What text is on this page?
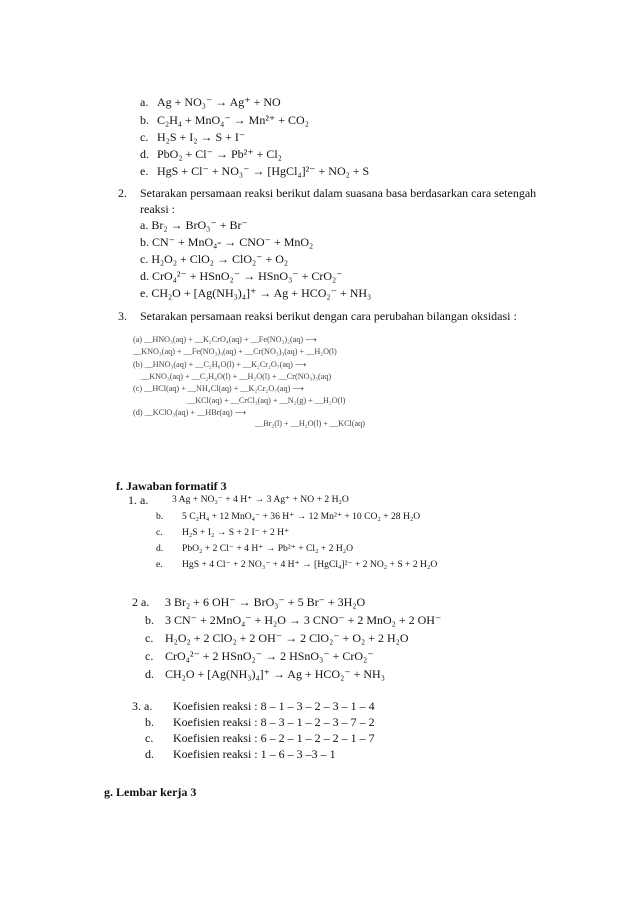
a. Ag + NO₃⁻ → Ag⁺ + NO
b. C₂H₄ + MnO₄⁻ → Mn²⁺ + CO₂
c. H₂S + I₂ → S + I⁻
d. PbO₂ + Cl⁻ → Pb²⁺ + Cl₂
e. HgS + Cl⁻ + NO₃⁻ → [HgCl₄]²⁻ + NO₂ + S
2. Setarakan persamaan reaksi berikut dalam suasana basa berdasarkan cara setengah
reaksi :
a. Br₂ → BrO₃⁻ + Br⁻
b. CN⁻ + MnO₄- → CNO⁻ + MnO₂
c. H₂O₂ + ClO₂ → ClO₂⁻ + O₂
d. CrO₄²⁻ + HSnO₂⁻ → HSnO₃⁻ + CrO₂⁻
e. CH₂O + [Ag(NH₃)₄]⁺ → Ag + HCO₂⁻ + NH₃
3. Setarakan persamaan reaksi berikut dengan cara perubahan bilangan oksidasi :
(a) __HNO₃(aq) + __K₂CrO₄(aq) + __Fe(NO₃)₂(aq) ⟶
__KNO₃(aq) + __Fe(NO₃)₃(aq) + __Cr(NO₃)₃(aq) + __H₂O(l)
(b) __HNO₃(aq) + __C₂H₆O(l) + __K₂Cr₂O₇(aq) ⟶
__KNO₃(aq) + __C₂H₄O(l) + __H₂O(l) + __Cr(NO₃)₃(aq)
(c) __HCl(aq) + __NH₄Cl(aq) + __K₂Cr₂O₇(aq) ⟶
__KCl(aq) + __CrCl₃(aq) + __N₂(g) + __H₂O(l)
(d) __KClO₃(aq) + __HBr(aq) ⟶
__Br₂(l) + __H₂O(l) + __KCl(aq)
f. Jawaban formatif 3
1. a. 3 Ag + NO₃⁻ + 4 H⁺ → 3 Ag⁺ + NO + 2 H₂O
b. 5 C₂H₄ + 12 MnO₄⁻ + 36 H⁺ → 12 Mn²⁺ + 10 CO₂ + 28 H₂O
c. H₂S + I₂ → S + 2 I⁻ + 2 H⁺
d. PbO₂ + 2 Cl⁻ + 4 H⁺ → Pb²⁺ + Cl₂ + 2 H₂O
e. HgS + 4 Cl⁻ + 2 NO₃⁻ + 4 H⁺ → [HgCl₄]²⁻ + 2 NO₂ + S + 2 H₂O
2 a. 3 Br₂ + 6 OH⁻ → BrO₃⁻ + 5 Br⁻ + 3H₂O
b. 3 CN⁻ + 2MnO₄⁻ + H₂O → 3 CNO⁻ + 2 MnO₂ + 2 OH⁻
c. H₂O₂ + 2 ClO₂ + 2 OH⁻ → 2 ClO₂⁻ + O₂ + 2 H₂O
c. CrO₄²⁻ + 2 HSnO₂⁻ → 2 HSnO₃⁻ + CrO₂⁻
d. CH₂O + [Ag(NH₃)₄]⁺ → Ag + HCO₂⁻ + NH₃
3. a. Koefisien reaksi : 8 – 1 – 3 – 2 – 3 – 1 – 4
b. Koefisien reaksi : 8 – 3 – 1 – 2 – 3 – 7 – 2
c. Koefisien reaksi : 6 – 2 – 1 – 2 – 2 – 1 – 7
d. Koefisien reaksi : 1 – 6 – 3 –3 – 1
g. Lembar kerja 3
